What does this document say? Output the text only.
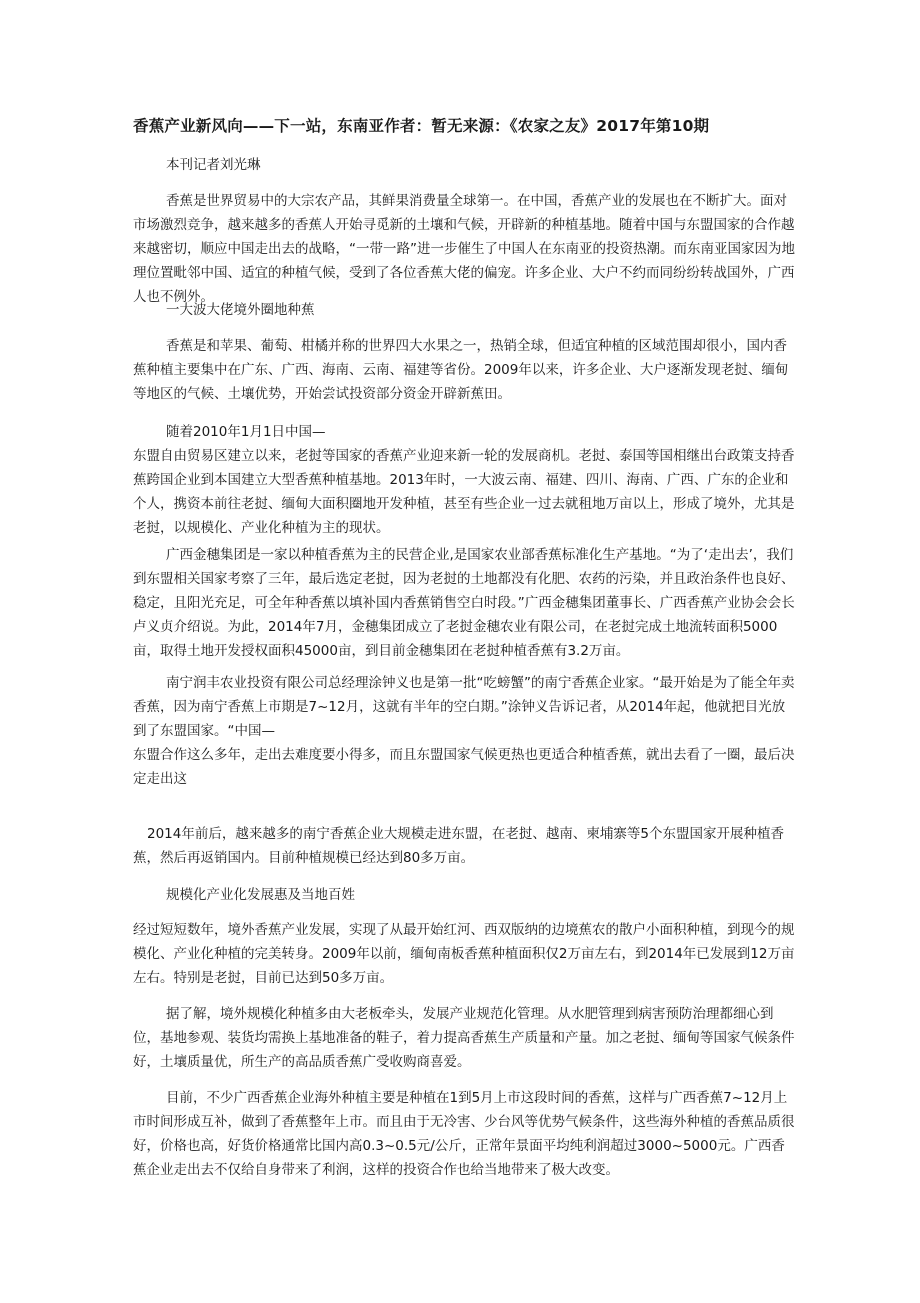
香蕉产业新风向——下一站，东南亚作者：暂无来源：《农家之友》2017年第10期
本刊记者刘光琳
香蕉是世界贸易中的大宗农产品，其鲜果消费量全球第一。在中国，香蕉产业的发展也在不断扩大。面对市场激烈竞争，越来越多的香蕉人开始寻觅新的土壤和气候，开辟新的种植基地。随着中国与东盟国家的合作越来越密切，顺应中国走出去的战略，“一带一路”进一步催生了中国人在东南亚的投资热潮。而东南亚国家因为地理位置毗邻中国、适宜的种植气候，受到了各位香蕉大佬的偏宠。许多企业、大户不约而同纷纷转战国外，广西人也不例外。
一大波大佬境外圈地种蕉
香蕉是和苹果、葡萄、柑橘并称的世界四大水果之一，热销全球，但适宜种植的区域范围却很小，国内香蕉种植主要集中在广东、广西、海南、云南、福建等省份。2009年以来，许多企业、大户逐渐发现老挝、缅甸等地区的气候、土壤优势，开始尝试投资部分资金开辟新蕉田。
随着2010年1月1日中国—
东盟自由贸易区建立以来，老挝等国家的香蕉产业迎来新一轮的发展商机。老挝、泰国等国相继出台政策支持香蕉跨国企业到本国建立大型香蕉种植基地。2013年时，一大波云南、福建、四川、海南、广西、广东的企业和个人，携资本前往老挝、缅甸大面积圈地开发种植，甚至有些企业一过去就租地万亩以上，形成了境外，尤其是老挝，以规模化、产业化种植为主的现状。
广西金穗集团是一家以种植香蕉为主的民营企业,是国家农业部香蕉标准化生产基地。“为了‘走出去’，我们到东盟相关国家考察了三年，最后选定老挝，因为老挝的土地都没有化肥、农药的污染，并且政治条件也良好、稳定，且阳光充足，可全年种香蕉以填补国内香蕉销售空白时段。”广西金穗集团董事长、广西香蕉产业协会会长卢义贞介绍说。为此，2014年7月，金穗集团成立了老挝金穗农业有限公司，在老挝完成土地流转面积5000亩，取得土地开发授权面积45000亩，到目前金穗集团在老挝种植香蕉有3.2万亩。
南宁润丰农业投资有限公司总经理涂钟义也是第一批“吃螃蟹”的南宁香蕉企业家。“最开始是为了能全年卖香蕉，因为南宁香蕉上市期是7~12月，这就有半年的空白期。”涂钟义告诉记者，从2014年起，他就把目光放到了东盟国家。“中国—
东盟合作这么多年，走出去难度要小得多，而且东盟国家气候更热也更适合种植香蕉，就出去看了一圈，最后决定走出这
2014年前后，越来越多的南宁香蕉企业大规模走进东盟，在老挝、越南、柬埔寨等5个东盟国家开展种植香蕉，然后再返销国内。目前种植规模已经达到80多万亩。
规模化产业化发展惠及当地百姓
经过短短数年，境外香蕉产业发展，实现了从最开始红河、西双版纳的边境蕉农的散户小面积种植，到现今的规模化、产业化种植的完美转身。2009年以前，缅甸南板香蕉种植面积仅2万亩左右，到2014年已发展到12万亩左右。特别是老挝，目前已达到50多万亩。
据了解，境外规模化种植多由大老板牵头，发展产业规范化管理。从水肥管理到病害预防治理都细心到位，基地参观、装货均需换上基地准备的鞋子，着力提高香蕉生产质量和产量。加之老挝、缅甸等国家气候条件好，土壤质量优，所生产的高品质香蕉广受收购商喜爱。
目前，不少广西香蕉企业海外种植主要是种植在1到5月上市这段时间的香蕉，这样与广西香蕉7~12月上市时间形成互补，做到了香蕉整年上市。而且由于无冷害、少台风等优势气候条件，这些海外种植的香蕉品质很好，价格也高，好货价格通常比国内高0.3~0.5元/公斤，正常年景面平均纯利润超过3000~5000元。广西香蕉企业走出去不仅给自身带来了利润，这样的投资合作也给当地带来了极大改变。
